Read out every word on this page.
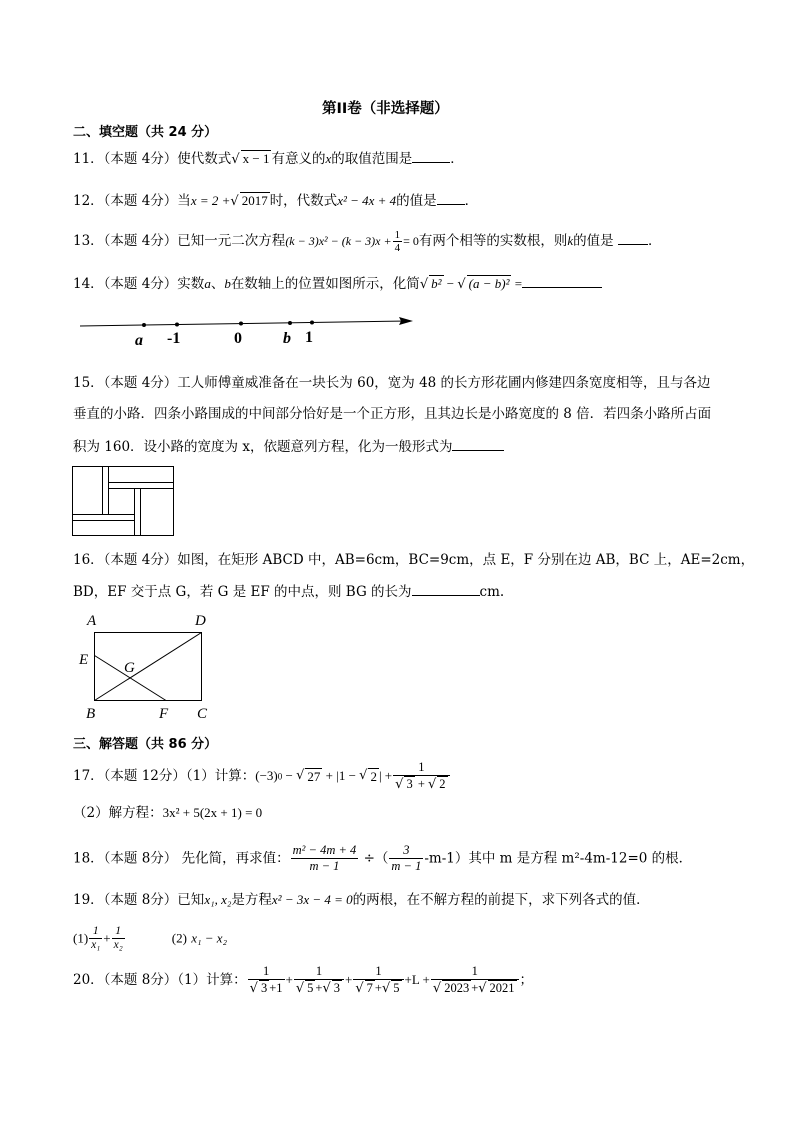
第II卷（非选择题）
二、填空题（共 24 分）
11．（本题 4分）使代数式√ x − 1 有意义的x的取值范围是	．
12．（本题 4分）当x = 2 +√ 2017 时，代数式x² − 4x + 4的值是 ．
13．（本题 4分）已知一元二次方程$(k - 3)x^2 - (k - 3)x + \frac{1}{4} = 0$有两个相等的实数根，则k的值是	．
14．（本题 4分）实数a、b在数轴上的位置如图所示，化简√ b² − √ (a − b)² =
a -1	0	b 1
15．（本题 4分）工人师傅童威准备在一块长为 60，宽为 48 的长方形花圃内修建四条宽度相等，且与各边
垂直的小路．四条小路围成的中间部分恰好是一个正方形，且其边长是小路宽度的 8 倍．若四条小路所占面
积为 160．设小路的宽度为 x，依题意列方程，化为一般形式为
16．（本题 4分）如图，在矩形 ABCD 中，AB=6cm，BC=9cm，点 E，F 分别在边 AB，BC 上，AE=2cm，
BD，EF 交于点 G，若 G 是 EF 的中点，则 BG 的长为	cm.
A	D
E G
B	F C
三、解答题（共 86 分）
17．（本题 12分）（1）计算：$(-3)^0$ − √ 27 + |1 − √ 2 | + $\frac{1}{√ 3 + √ 2}$
（2）解方程：3x² + 5(2x + 1) = 0
18．（本题 8分） 先化简，再求值： $\frac{\text{m² − 4m + 4}}{m - 1}$ ÷（ $\frac{3}{m - 1} -m-1$）其中 m 是方程 m²-4m-12=0 的根．
19．（本题 8分）已知x₁, x₂是方程x² − 3x − 4 = 0的两根，在不解方程的前提下，求下列各式的值．
$(1) \frac{1}{\text{x₁}} + \frac{1}{\text{x₂}}$	(2) x₁ − x₂
20．（本题 8分）（1）计算： $\frac{1}{√ 3 +1} + \frac{1}{√ 5 +√ 3} + \frac{1}{√ 7 +√ 5} +L + \frac{1}{√ 2023 +√ 2021}$ ；
